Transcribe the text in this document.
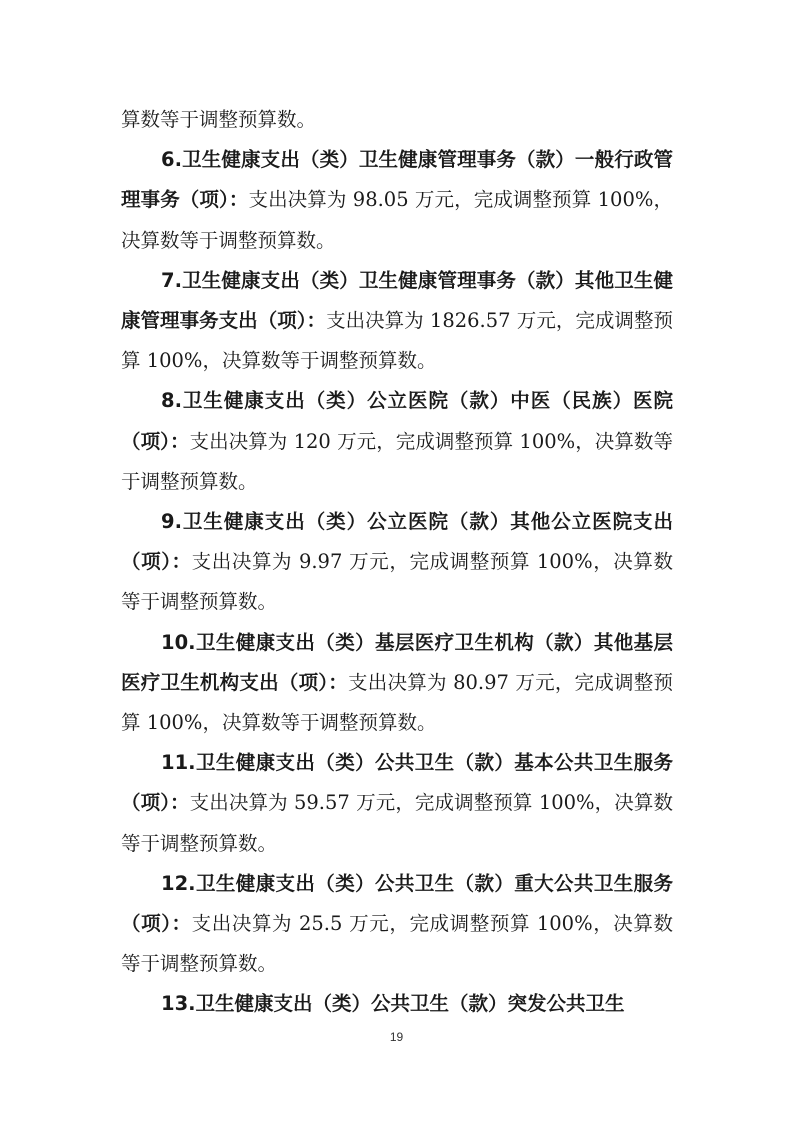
算数等于调整预算数。

6.卫生健康支出（类）卫生健康管理事务（款）一般行政管理事务（项）：支出决算为 98.05 万元，完成调整预算 100%，决算数等于调整预算数。

7.卫生健康支出（类）卫生健康管理事务（款）其他卫生健康管理事务支出（项）：支出决算为 1826.57 万元，完成调整预算 100%，决算数等于调整预算数。

8.卫生健康支出（类）公立医院（款）中医（民族）医院（项）：支出决算为 120 万元，完成调整预算 100%，决算数等于调整预算数。

9.卫生健康支出（类）公立医院（款）其他公立医院支出（项）：支出决算为 9.97 万元，完成调整预算 100%，决算数等于调整预算数。

10.卫生健康支出（类）基层医疗卫生机构（款）其他基层医疗卫生机构支出（项）：支出决算为 80.97 万元，完成调整预算 100%，决算数等于调整预算数。

11.卫生健康支出（类）公共卫生（款）基本公共卫生服务（项）：支出决算为 59.57 万元，完成调整预算 100%，决算数等于调整预算数。

12.卫生健康支出（类）公共卫生（款）重大公共卫生服务（项）：支出决算为 25.5 万元，完成调整预算 100%，决算数等于调整预算数。

13.卫生健康支出（类）公共卫生（款）突发公共卫生

19
